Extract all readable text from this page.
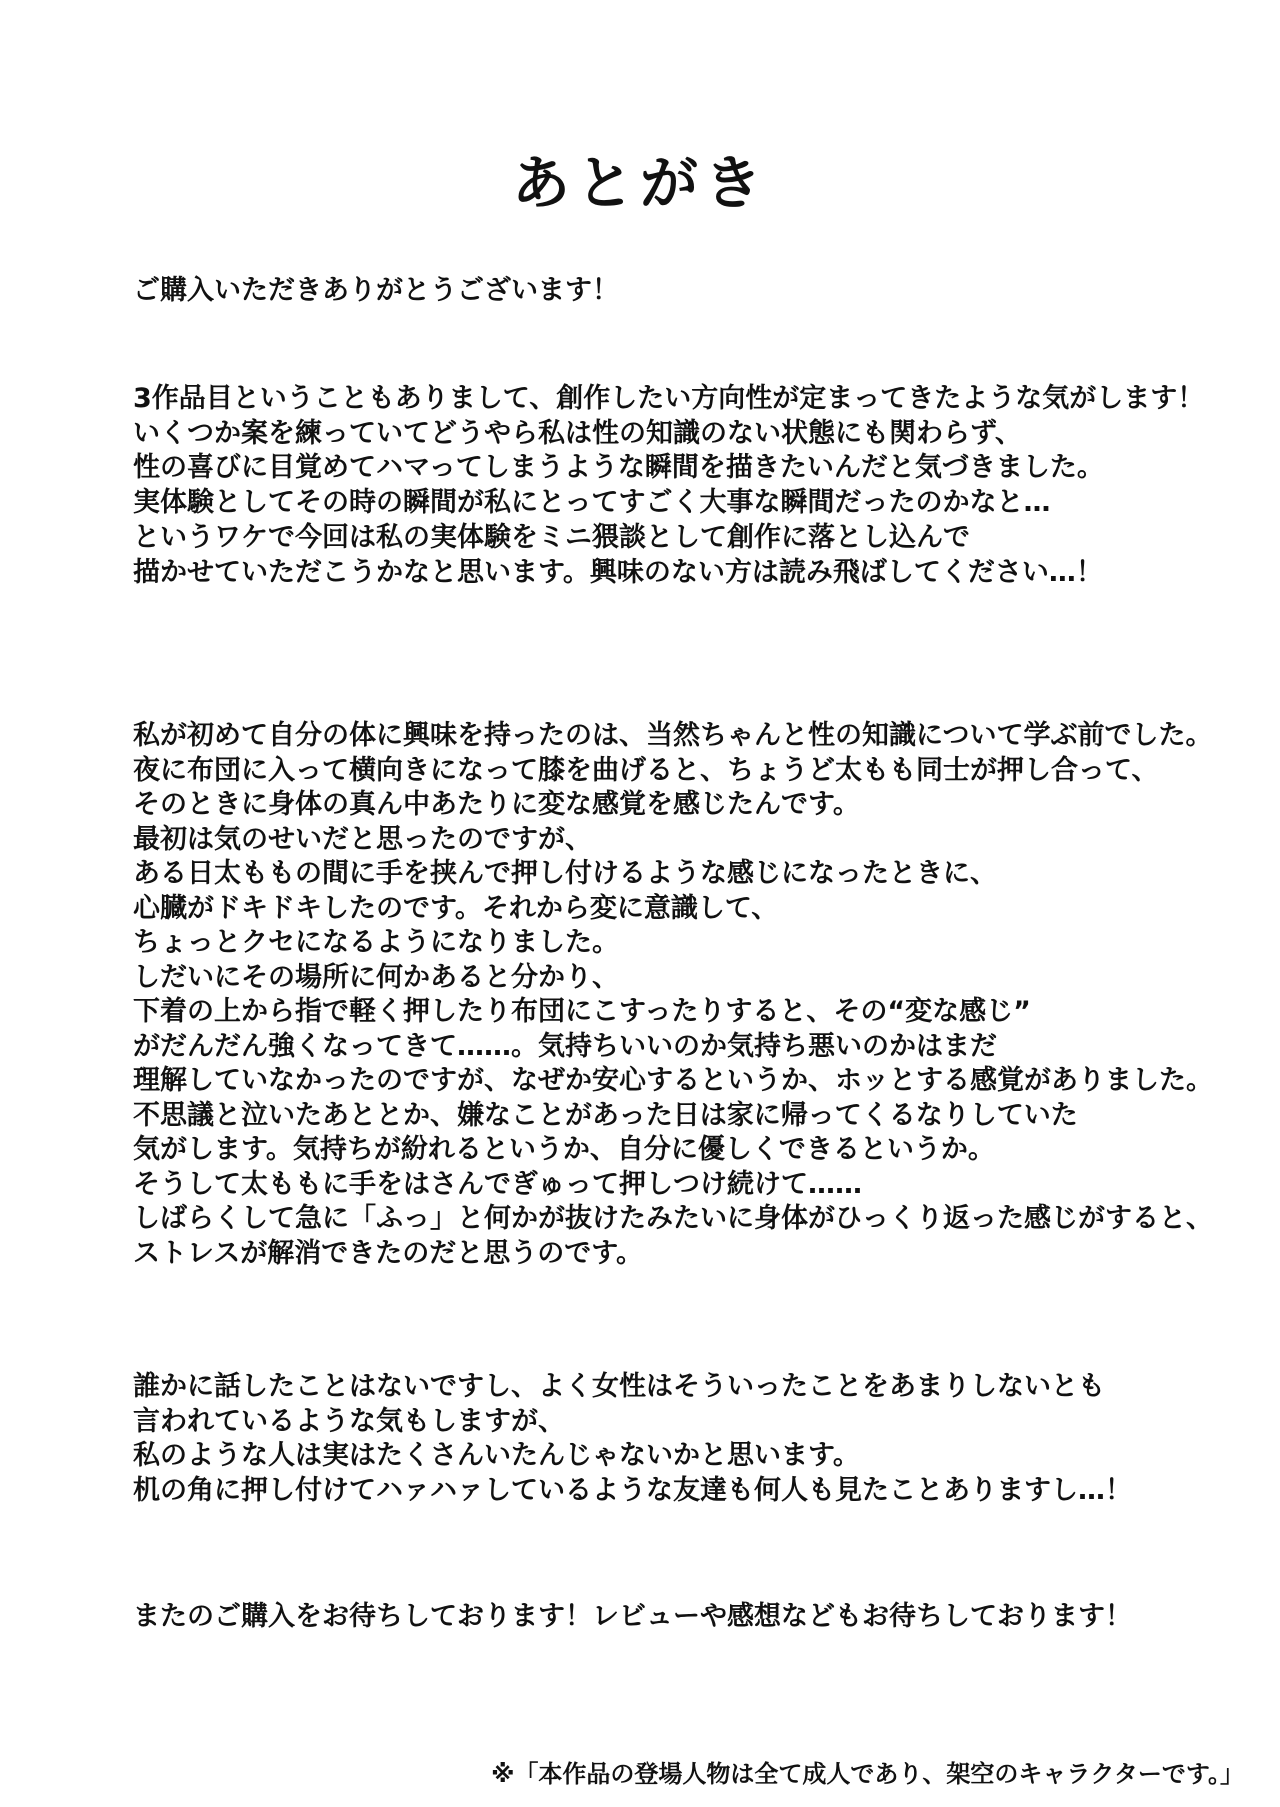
あとがき
ご購入いただきありがとうございます！
3作品目ということもありまして、創作したい方向性が定まってきたような気がします！
いくつか案を練っていてどうやら私は性の知識のない状態にも関わらず、
性の喜びに目覚めてハマってしまうような瞬間を描きたいんだと気づきました。
実体験としてその時の瞬間が私にとってすごく大事な瞬間だったのかなと…
というワケで今回は私の実体験をミニ猥談として創作に落とし込んで
描かせていただこうかなと思います。興味のない方は読み飛ばしてください…！
私が初めて自分の体に興味を持ったのは、当然ちゃんと性の知識について学ぶ前でした。
夜に布団に入って横向きになって膝を曲げると、ちょうど太もも同士が押し合って、
そのときに身体の真ん中あたりに変な感覚を感じたんです。
最初は気のせいだと思ったのですが、
ある日太ももの間に手を挟んで押し付けるような感じになったときに、
心臓がドキドキしたのです。それから変に意識して、
ちょっとクセになるようになりました。
しだいにその場所に何かあると分かり、
下着の上から指で軽く押したり布団にこすったりすると、その“変な感じ”
がだんだん強くなってきて……。気持ちいいのか気持ち悪いのかはまだ
理解していなかったのですが、なぜか安心するというか、ホッとする感覚がありました。
不思議と泣いたあととか、嫌なことがあった日は家に帰ってくるなりしていた
気がします。気持ちが紛れるというか、自分に優しくできるというか。
そうして太ももに手をはさんでぎゅって押しつけ続けて……
しばらくして急に「ふっ」と何かが抜けたみたいに身体がひっくり返った感じがすると、
ストレスが解消できたのだと思うのです。
誰かに話したことはないですし、よく女性はそういったことをあまりしないとも
言われているような気もしますが、
私のような人は実はたくさんいたんじゃないかと思います。
机の角に押し付けてハァハァしているような友達も何人も見たことありますし…！
またのご購入をお待ちしております！レビューや感想などもお待ちしております！
※「本作品の登場人物は全て成人であり、架空のキャラクターです。」
